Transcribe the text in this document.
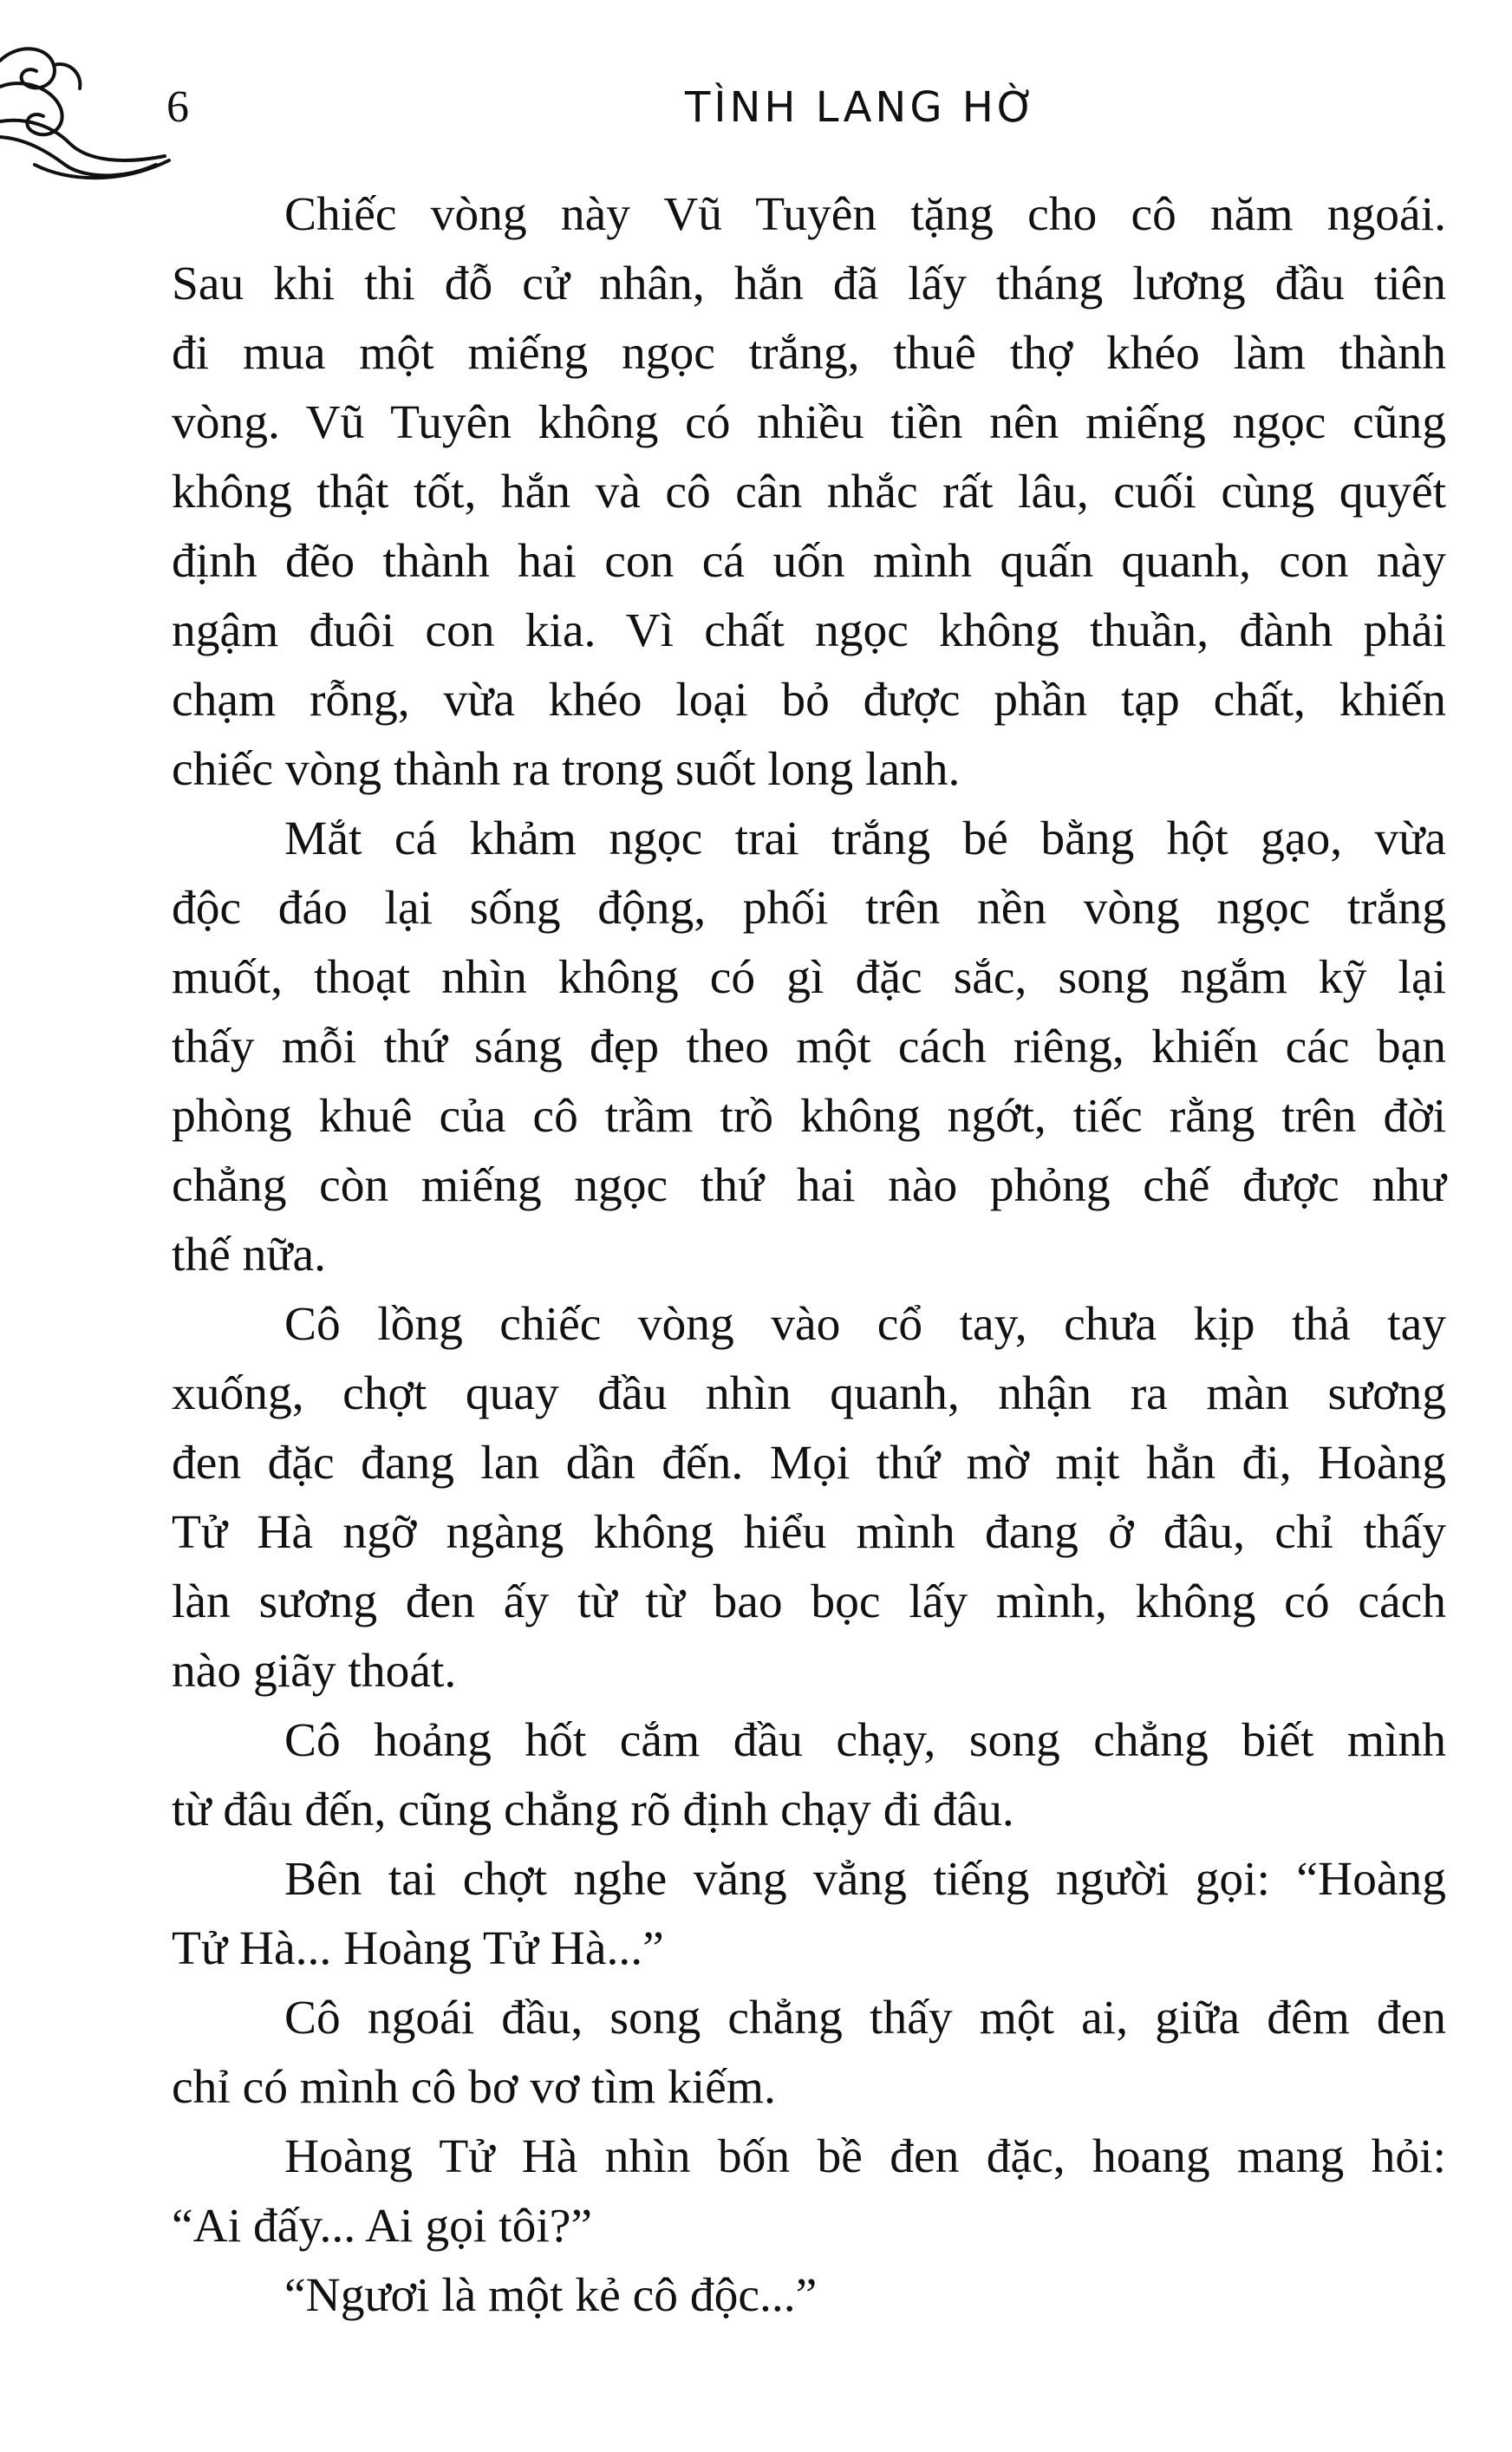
6	TÌNH LANG HỜ

Chiếc vòng này Vũ Tuyên tặng cho cô năm ngoái.
Sau khi thi đỗ cử nhân, hắn đã lấy tháng lương đầu tiên
đi mua một miếng ngọc trắng, thuê thợ khéo làm thành
vòng. Vũ Tuyên không có nhiều tiền nên miếng ngọc cũng
không thật tốt, hắn và cô cân nhắc rất lâu, cuối cùng quyết
định đẽo thành hai con cá uốn mình quấn quanh, con này
ngậm đuôi con kia. Vì chất ngọc không thuần, đành phải
chạm rỗng, vừa khéo loại bỏ được phần tạp chất, khiến
chiếc vòng thành ra trong suốt long lanh.

Mắt cá khảm ngọc trai trắng bé bằng hột gạo, vừa
độc đáo lại sống động, phối trên nền vòng ngọc trắng
muốt, thoạt nhìn không có gì đặc sắc, song ngắm kỹ lại
thấy mỗi thứ sáng đẹp theo một cách riêng, khiến các bạn
phòng khuê của cô trầm trồ không ngớt, tiếc rằng trên đời
chẳng còn miếng ngọc thứ hai nào phỏng chế được như
thế nữa.

Cô lồng chiếc vòng vào cổ tay, chưa kịp thả tay
xuống, chợt quay đầu nhìn quanh, nhận ra màn sương
đen đặc đang lan dần đến. Mọi thứ mờ mịt hẳn đi, Hoàng
Tử Hà ngỡ ngàng không hiểu mình đang ở đâu, chỉ thấy
làn sương đen ấy từ từ bao bọc lấy mình, không có cách
nào giãy thoát.

Cô hoảng hốt cắm đầu chạy, song chẳng biết mình
từ đâu đến, cũng chẳng rõ định chạy đi đâu.

Bên tai chợt nghe văng vẳng tiếng người gọi: “Hoàng
Tử Hà... Hoàng Tử Hà...”

Cô ngoái đầu, song chẳng thấy một ai, giữa đêm đen
chỉ có mình cô bơ vơ tìm kiếm.

Hoàng Tử Hà nhìn bốn bề đen đặc, hoang mang hỏi:
“Ai đấy... Ai gọi tôi?”

“Ngươi là một kẻ cô độc...”
